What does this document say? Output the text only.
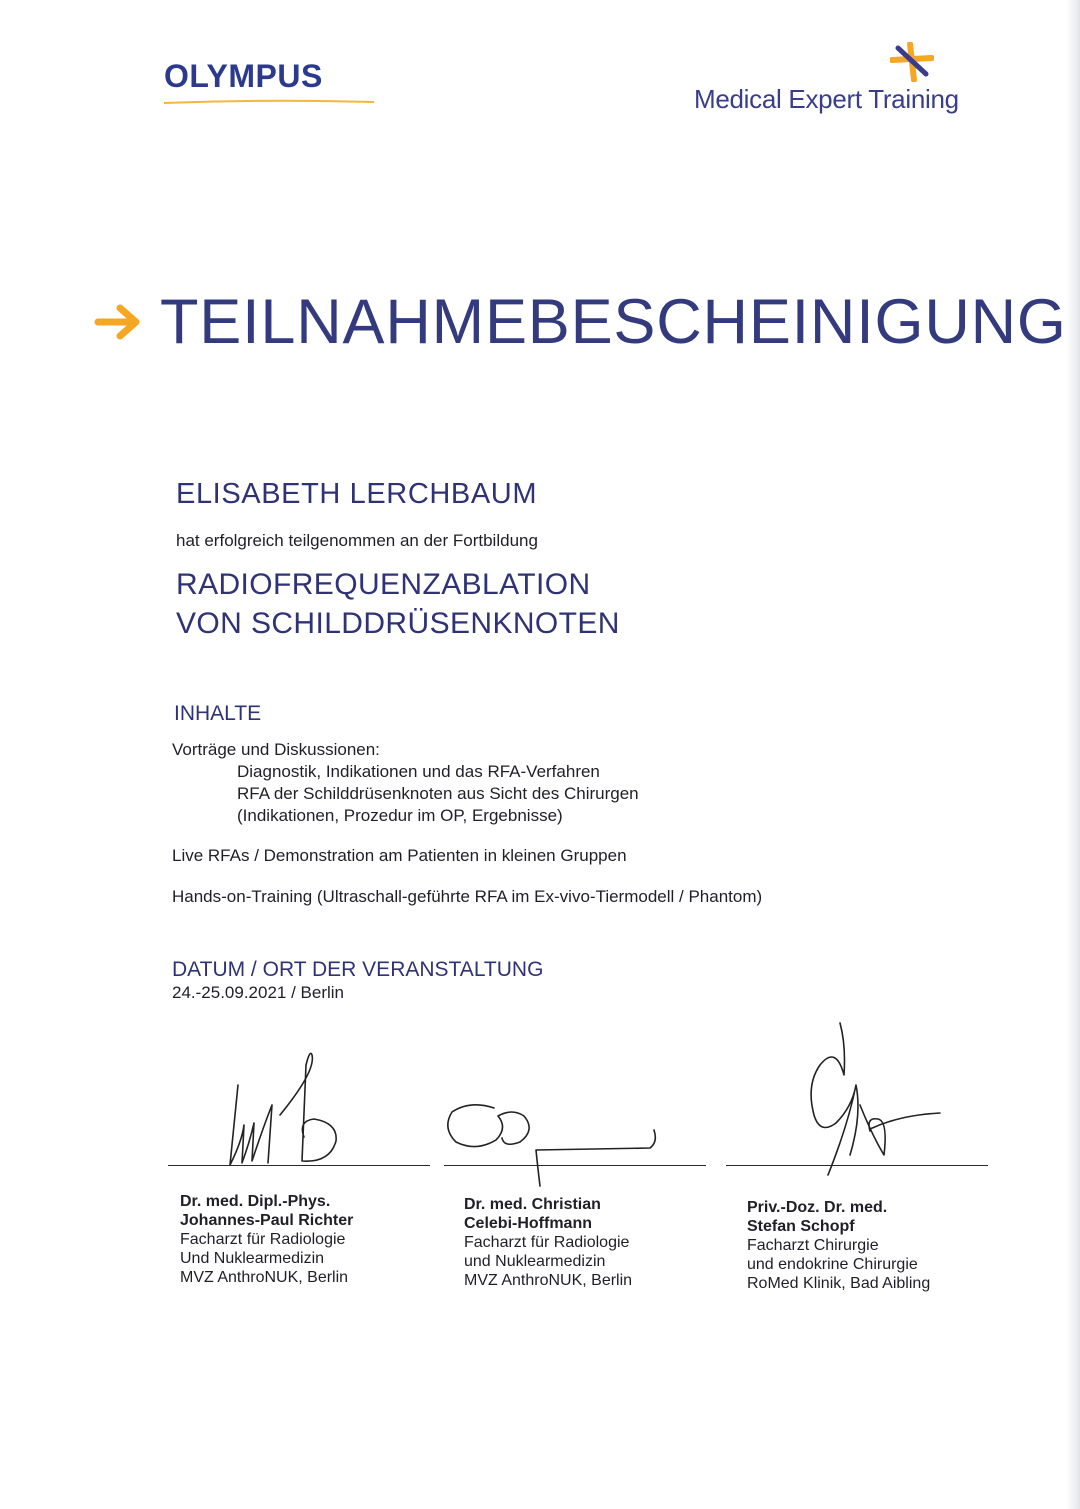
OLYMPUS
Medical Expert Training
TEILNAHMEBESCHEINIGUNG
ELISABETH LERCHBAUM
hat erfolgreich teilgenommen an der Fortbildung
RADIOFREQUENZABLATION
VON SCHILDDRÜSENKNOTEN
INHALTE
Vorträge und Diskussionen:
Diagnostik, Indikationen und das RFA-Verfahren
RFA der Schilddrüsenknoten aus Sicht des Chirurgen
(Indikationen, Prozedur im OP, Ergebnisse)
Live RFAs / Demonstration am Patienten in kleinen Gruppen
Hands-on-Training (Ultraschall-geführte RFA im Ex-vivo-Tiermodell / Phantom)
DATUM / ORT DER VERANSTALTUNG
24.-25.09.2021 / Berlin
Dr. med. Dipl.-Phys.
Johannes-Paul Richter
Facharzt für Radiologie
Und Nuklearmedizin
MVZ AnthroNUK, Berlin
Dr. med. Christian
Celebi-Hoffmann
Facharzt für Radiologie
und Nuklearmedizin
MVZ AnthroNUK, Berlin
Priv.-Doz. Dr. med.
Stefan Schopf
Facharzt Chirurgie
und endokrine Chirurgie
RoMed Klinik, Bad Aibling
